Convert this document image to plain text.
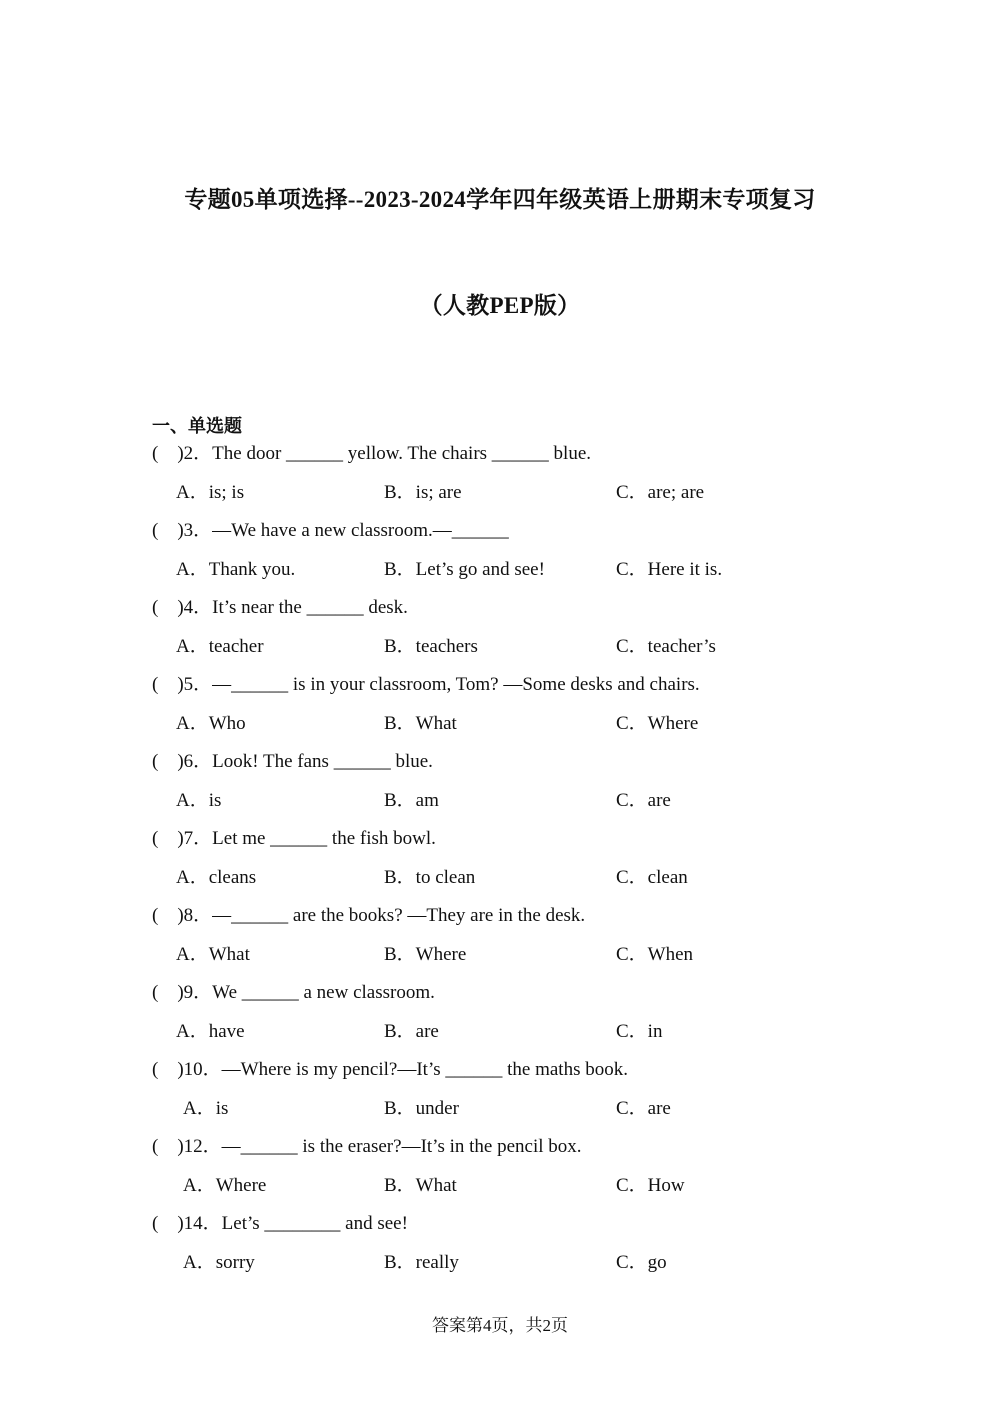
专题05单项选择--2023-2024学年四年级英语上册期末专项复习
（人教PEP版）
一、单选题
(　)2．The door ______ yellow. The chairs ______ blue.
A．is; is	B．is; are	C．are; are
(　)3．—We have a new classroom.—______
A．Thank you.	B．Let’s go and see!	C．Here it is.
(　)4．It’s near the ______ desk.
A．teacher	B．teachers	C．teacher’s
(　)5．—______ is in your classroom, Tom? —Some desks and chairs.
A．Who	B．What	C．Where
(　)6．Look! The fans ______ blue.
A．is	B．am	C．are
(　)7．Let me ______ the fish bowl.
A．cleans	B．to clean	C．clean
(　)8．—______ are the books? —They are in the desk.
A．What	B．Where	C．When
(　)9．We ______ a new classroom.
A．have	B．are	C．in
(　)10．—Where is my pencil?—It’s ______ the maths book.
A．is	B．under	C．are
(　)12．—______ is the eraser?—It’s in the pencil box.
A．Where	B．What	C．How
(　)14．Let’s ________ and see!
A．sorry	B．really	C．go
答案第4页，共2页
